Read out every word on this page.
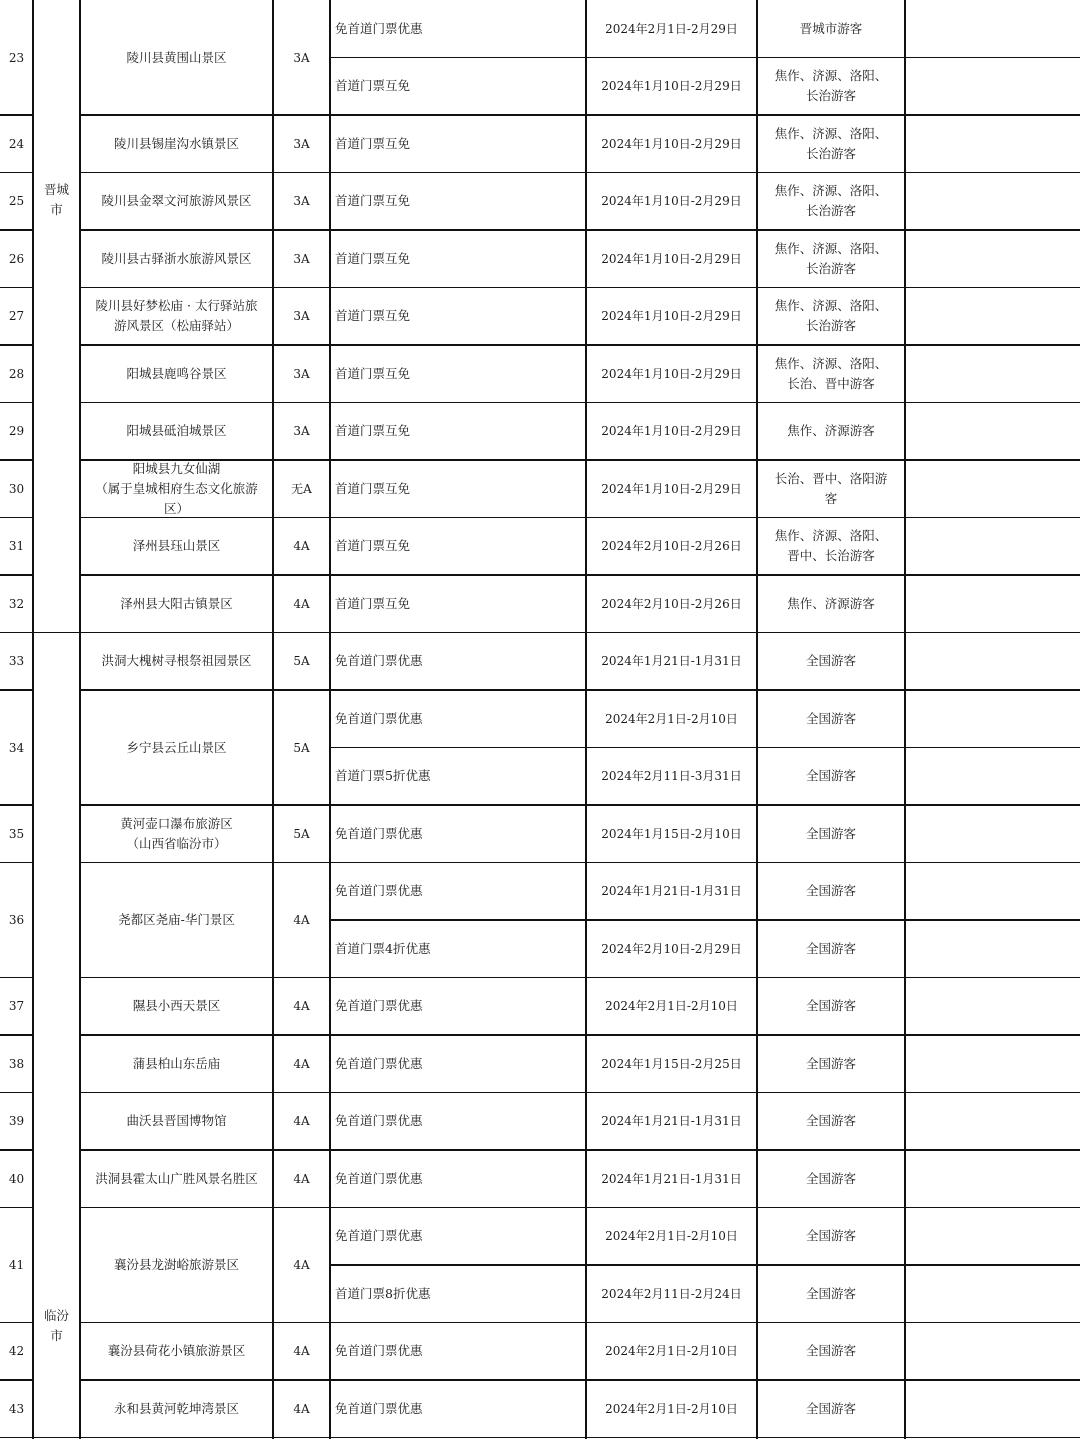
23	陵川县黄围山景区	3A
免首道门票优惠	2024年2月1日-2月29日	晋城市游客
首道门票互免	2024年1月10日-2月29日
焦作、济源、洛阳、
长治游客
24	陵川县锡崖沟水镇景区	3A	首道门票互免	2024年1月10日-2月29日
焦作、济源、洛阳、
长治游客
25	陵川县金翠文河旅游风景区	3A	首道门票互免	2024年1月10日-2月29日
焦作、济源、洛阳、
长治游客
26	陵川县古驿浙水旅游风景区	3A	首道门票互免	2024年1月10日-2月29日
焦作、济源、洛阳、
长治游客
27
陵川县好梦松庙 · 太行驿站旅
游风景区（松庙驿站）
3A	首道门票互免	2024年1月10日-2月29日
焦作、济源、洛阳、
长治游客
28	阳城县鹿鸣谷景区	3A	首道门票互免	2024年1月10日-2月29日
焦作、济源、洛阳、
长治、晋中游客
29	阳城县砥洎城景区	3A	首道门票互免	2024年1月10日-2月29日	焦作、济源游客
30
阳城县九女仙湖
（属于皇城相府生态文化旅游
区）
无A	首道门票互免	2024年1月10日-2月29日
长治、晋中、洛阳游
客
31	泽州县珏山景区	4A	首道门票互免	2024年2月10日-2月26日
焦作、济源、洛阳、
晋中、长治游客
32	泽州县大阳古镇景区	4A	首道门票互免	2024年2月10日-2月26日	焦作、济源游客
晋城
市
33	洪洞大槐树寻根祭祖园景区	5A	免首道门票优惠	2024年1月21日-1月31日	全国游客
34	乡宁县云丘山景区	5A
免首道门票优惠	2024年2月1日-2月10日	全国游客
首道门票5折优惠	2024年2月11日-3月31日	全国游客
35
黄河壶口瀑布旅游区
（山西省临汾市）
5A	免首道门票优惠	2024年1月15日-2月10日	全国游客
36	尧都区尧庙-华门景区	4A
免首道门票优惠	2024年1月21日-1月31日	全国游客
首道门票4折优惠	2024年2月10日-2月29日	全国游客
37	隰县小西天景区	4A	免首道门票优惠	2024年2月1日-2月10日	全国游客
38	蒲县柏山东岳庙	4A	免首道门票优惠	2024年1月15日-2月25日	全国游客
39	曲沃县晋国博物馆	4A	免首道门票优惠	2024年1月21日-1月31日	全国游客
40	洪洞县霍太山广胜风景名胜区	4A	免首道门票优惠	2024年1月21日-1月31日	全国游客
41	襄汾县龙澍峪旅游景区	4A
免首道门票优惠	2024年2月1日-2月10日	全国游客
首道门票8折优惠	2024年2月11日-2月24日	全国游客
42	襄汾县荷花小镇旅游景区	4A	免首道门票优惠	2024年2月1日-2月10日	全国游客
43	永和县黄河乾坤湾景区	4A	免首道门票优惠	2024年2月1日-2月10日	全国游客
临汾
市
